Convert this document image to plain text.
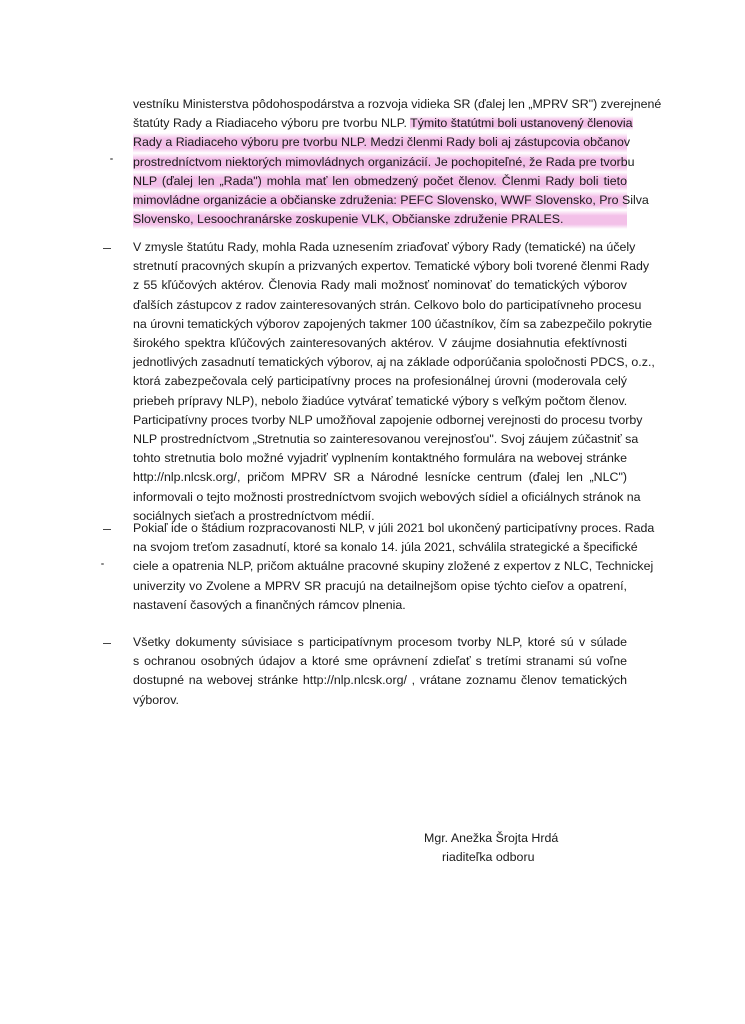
vestníku Ministerstva pôdohospodárstva a rozvoja vidieka SR (ďalej len „MPRV SR") zverejnené
štatúty Rady a Riadiaceho výboru pre tvorbu NLP. Týmito štatútmi boli ustanovený členovia
Rady a Riadiaceho výboru pre tvorbu NLP. Medzi členmi Rady boli aj zástupcovia občanov
prostredníctvom niektorých mimovládnych organizácií. Je pochopiteľné, že Rada pre tvorbu
NLP (ďalej len „Rada") mohla mať len obmedzený počet členov. Členmi Rady boli tieto
mimovládne organizácie a občianske združenia: PEFC Slovensko, WWF Slovensko, Pro Silva
Slovensko, Lesoochranárske zoskupenie VLK, Občianske združenie PRALES.
V zmysle štatútu Rady, mohla Rada uznesením zriaďovať výbory Rady (tematické) na účely
stretnutí pracovných skupín a prizvaných expertov. Tematické výbory boli tvorené členmi Rady
z 55 kľúčových aktérov. Členovia Rady mali možnosť nominovať do tematických výborov
ďalších zástupcov z radov zainteresovaných strán. Celkovo bolo do participatívneho procesu
na úrovni tematických výborov zapojených takmer 100 účastníkov, čím sa zabezpečilo pokrytie
širokého spektra kľúčových zainteresovaných aktérov. V záujme dosiahnutia efektívnosti
jednotlivých zasadnutí tematických výborov, aj na základe odporúčania spoločnosti PDCS, o.z.,
ktorá zabezpečovala celý participatívny proces na profesionálnej úrovni (moderovala celý
priebeh prípravy NLP), nebolo žiadúce vytvárať tematické výbory s veľkým počtom členov.
Participatívny proces tvorby NLP umožňoval zapojenie odbornej verejnosti do procesu tvorby
NLP prostredníctvom „Stretnutia so zainteresovanou verejnosťou". Svoj záujem zúčastniť sa
tohto stretnutia bolo možné vyjadriť vyplnením kontaktného formulára na webovej stránke
http://nlp.nlcsk.org/, pričom MPRV SR a Národné lesnícke centrum (ďalej len „NLC")
informovali o tejto možnosti prostredníctvom svojich webových sídiel a oficiálnych stránok na
sociálnych sieťach a prostredníctvom médií.
Pokiaľ ide o štádium rozpracovanosti NLP, v júli 2021 bol ukončený participatívny proces. Rada
na svojom treťom zasadnutí, ktoré sa konalo 14. júla 2021, schválila strategické a špecifické
ciele a opatrenia NLP, pričom aktuálne pracovné skupiny zložené z expertov z NLC, Technickej
univerzity vo Zvolene a MPRV SR pracujú na detailnejšom opise týchto cieľov a opatrení,
nastavení časových a finančných rámcov plnenia.
Všetky dokumenty súvisiace s participatívnym procesom tvorby NLP, ktoré sú v súlade
s ochranou osobných údajov a ktoré sme oprávnení zdieľať s tretími stranami sú voľne
dostupné na webovej stránke http://nlp.nlcsk.org/ , vrátane zoznamu členov tematických
výborov.
Mgr. Anežka Šrojta Hrdá
riaditeľka odboru
